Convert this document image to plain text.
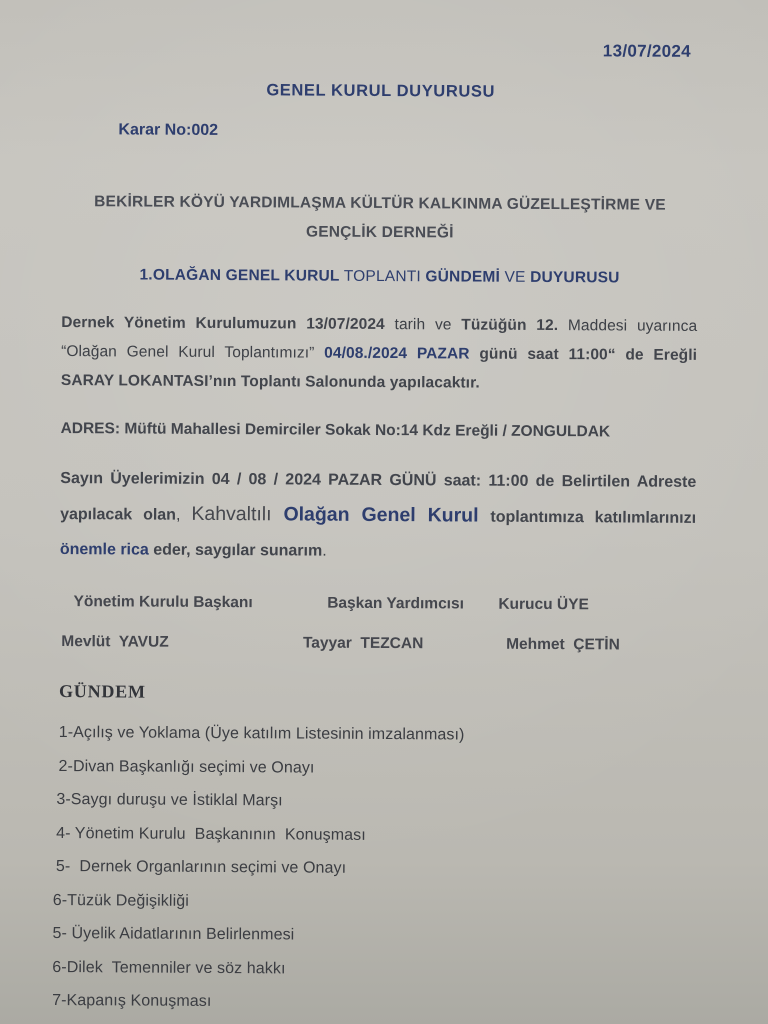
13/07/2024
GENEL KURUL DUYURUSU
Karar No:002
BEKİRLER KÖYÜ YARDIMLAŞMA KÜLTÜR KALKINMA GÜZELLEŞTİRME VE
GENÇLİK DERNEĞİ
1.OLAĞAN GENEL KURUL TOPLANTI GÜNDEMİ VE DUYURUSU
Dernek Yönetim Kurulumuzun 13/07/2024 tarih ve Tüzüğün 12. Maddesi uyarınca “Olağan Genel Kurul Toplantımızı” 04/08./2024 PAZAR günü saat 11:00“ de Ereğli SARAY LOKANTASI’nın Toplantı Salonunda yapılacaktır.
ADRES: Müftü Mahallesi Demirciler Sokak No:14 Kdz Ereğli / ZONGULDAK
Sayın Üyelerimizin 04 / 08 / 2024 PAZAR GÜNÜ saat: 11:00 de Belirtilen Adreste yapılacak olan, Kahvaltılı Olağan Genel Kurul toplantımıza katılımlarınızı önemle rica eder, saygılar sunarım.
Yönetim Kurulu Başkanı
Mevlüt  YAVUZ
Başkan Yardımcısı
Tayyar  TEZCAN
Kurucu ÜYE
Mehmet  ÇETİN
GÜNDEM
1-Açılış ve Yoklama (Üye katılım Listesinin imzalanması)
2-Divan Başkanlığı seçimi ve Onayı
3-Saygı duruşu ve İstiklal Marşı
4- Yönetim Kurulu  Başkanının  Konuşması
5-  Dernek Organlarının seçimi ve Onayı
6-Tüzük Değişikliği
5- Üyelik Aidatlarının Belirlenmesi
6-Dilek  Temenniler ve söz hakkı
7-Kapanış Konuşması
